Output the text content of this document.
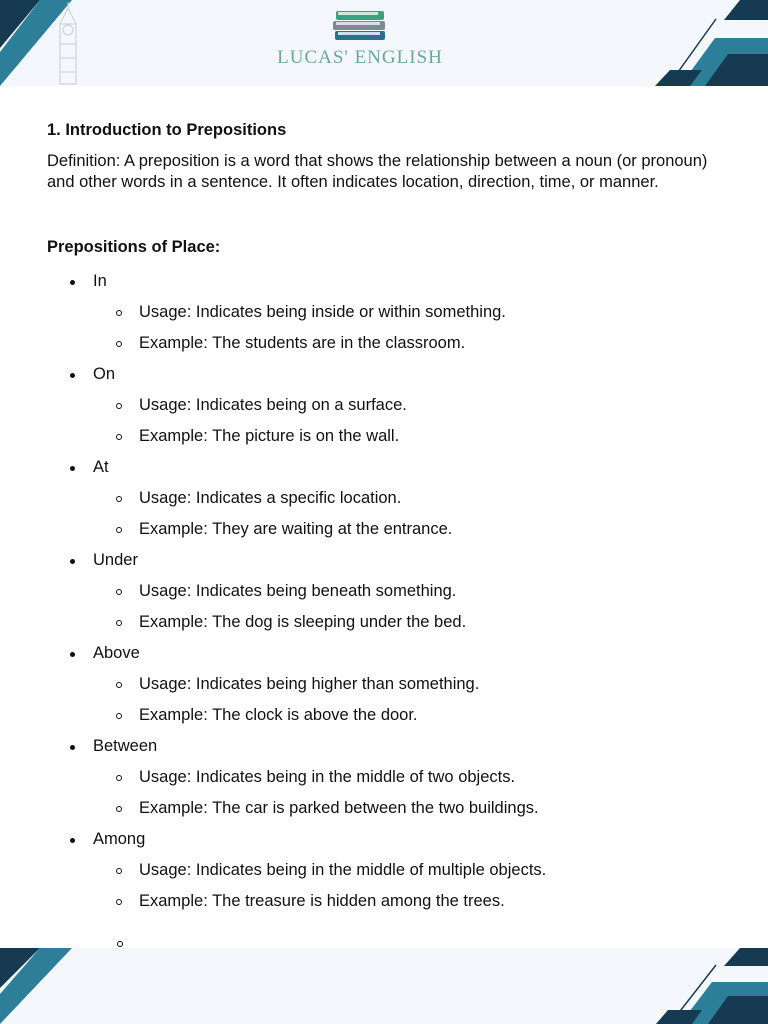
LUCAS' ENGLISH

1. Introduction to Prepositions

Definition: A preposition is a word that shows the relationship between a noun (or pronoun) and other words in a sentence. It often indicates location, direction, time, or manner.

Prepositions of Place:

In
Usage: Indicates being inside or within something.
Example: The students are in the classroom.
On
Usage: Indicates being on a surface.
Example: The picture is on the wall.
At
Usage: Indicates a specific location.
Example: They are waiting at the entrance.
Under
Usage: Indicates being beneath something.
Example: The dog is sleeping under the bed.
Above
Usage: Indicates being higher than something.
Example: The clock is above the door.
Between
Usage: Indicates being in the middle of two objects.
Example: The car is parked between the two buildings.
Among
Usage: Indicates being in the middle of multiple objects.
Example: The treasure is hidden among the trees.
